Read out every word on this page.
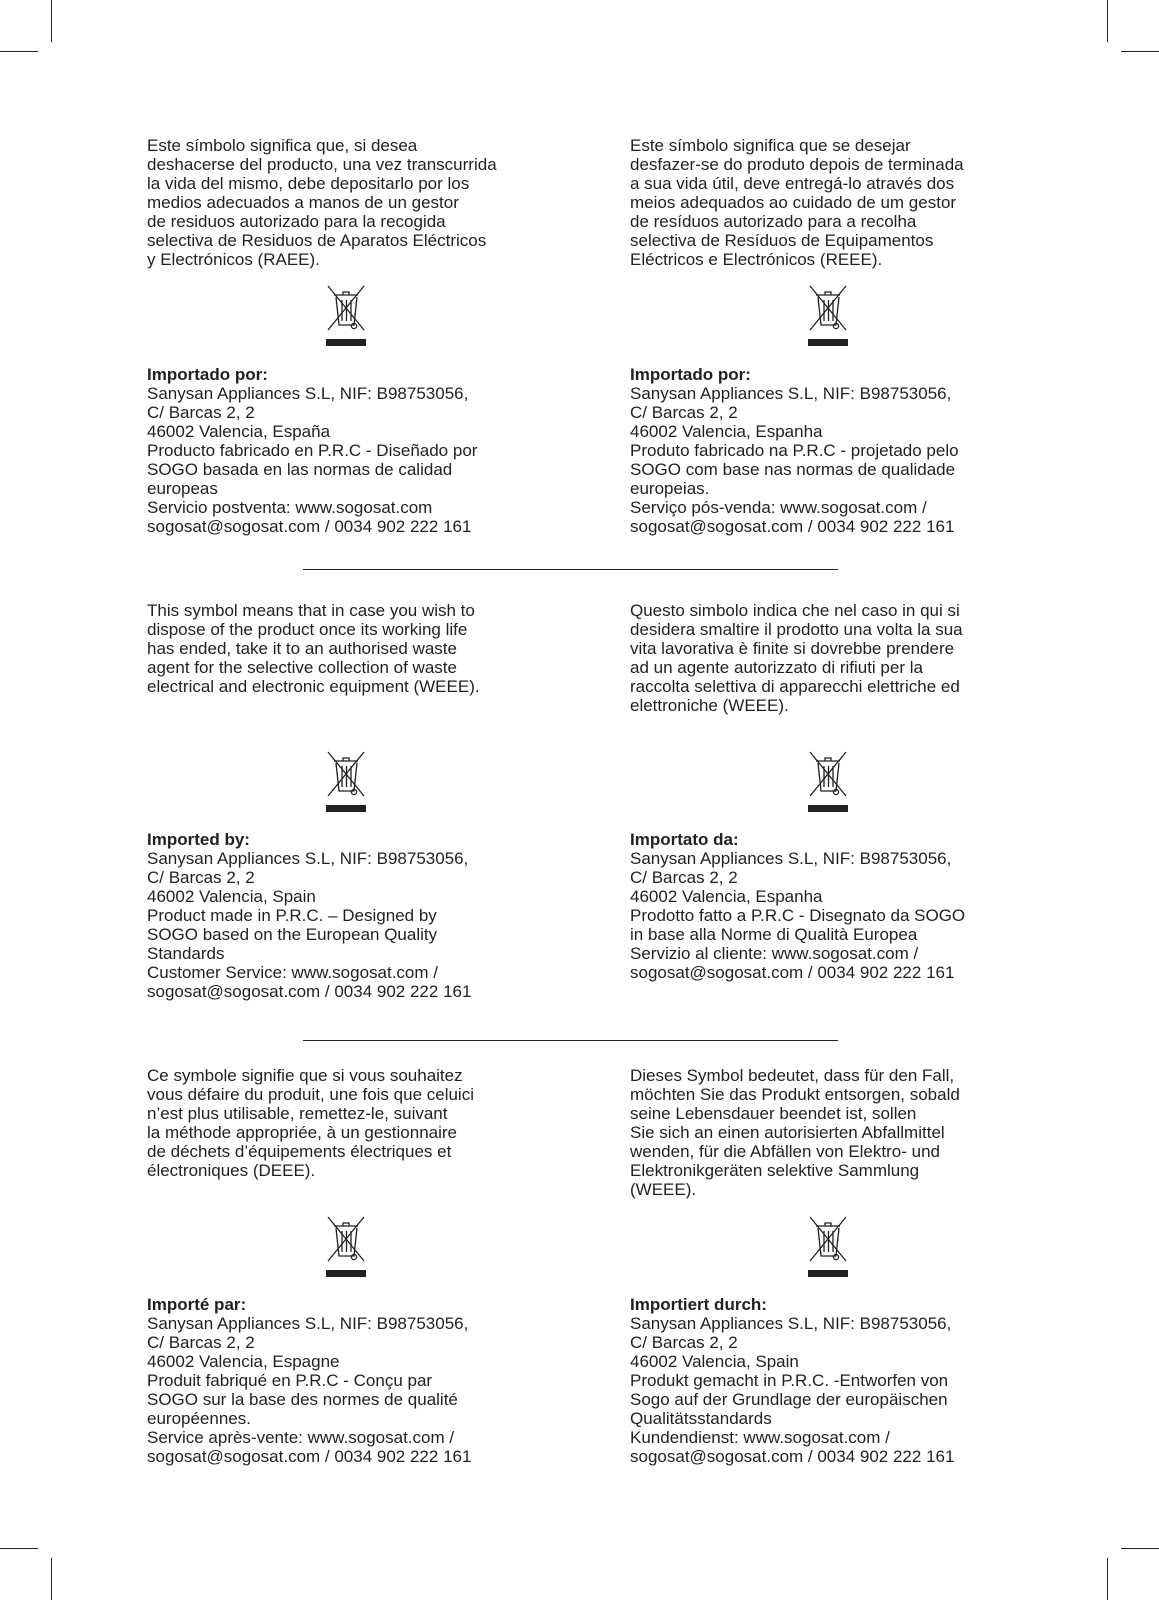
Este símbolo significa que, si desea
deshacerse del producto, una vez transcurrida
la vida del mismo, debe depositarlo por los
medios adecuados a manos de un gestor
de residuos autorizado para la recogida
selectiva de Residuos de Aparatos Eléctricos
y Electrónicos (RAEE).

Este símbolo significa que se desejar
desfazer-se do produto depois de terminada
a sua vida útil, deve entregá-lo através dos
meios adequados ao cuidado de um gestor
de resíduos autorizado para a recolha
selectiva de Resíduos de Equipamentos
Eléctricos e Electrónicos (REEE).

Importado por:
Sanysan Appliances S.L, NIF: B98753056,
C/ Barcas 2, 2
46002 Valencia, España
Producto fabricado en P.R.C - Diseñado por
SOGO basada en las normas de calidad
europeas
Servicio postventa: www.sogosat.com
sogosat@sogosat.com / 0034 902 222 161
Importado por:
Sanysan Appliances S.L, NIF: B98753056,
C/ Barcas 2, 2
46002 Valencia, Espanha
Produto fabricado na P.R.C - projetado pelo
SOGO com base nas normas de qualidade
europeias.
Serviço pós-venda: www.sogosat.com /
sogosat@sogosat.com / 0034 902 222 161

This symbol means that in case you wish to
dispose of the product once its working life
has ended, take it to an authorised waste
agent for the selective collection of waste
electrical and electronic equipment (WEEE).

Questo simbolo indica che nel caso in qui si
desidera smaltire il prodotto una volta la sua
vita lavorativa è finite si dovrebbe prendere
ad un agente autorizzato di rifiuti per la
raccolta selettiva di apparecchi elettriche ed
elettroniche (WEEE).

Imported by:
Sanysan Appliances S.L, NIF: B98753056,
C/ Barcas 2, 2
46002 Valencia, Spain
Product made in P.R.C. – Designed by
SOGO based on the European Quality
Standards
Customer Service: www.sogosat.com /
sogosat@sogosat.com / 0034 902 222 161
Importato da:
Sanysan Appliances S.L, NIF: B98753056,
C/ Barcas 2, 2
46002 Valencia, Espanha
Prodotto fatto a P.R.C - Disegnato da SOGO
in base alla Norme di Qualità Europea
Servizio al cliente: www.sogosat.com /
sogosat@sogosat.com / 0034 902 222 161

Ce symbole signifie que si vous souhaitez
vous défaire du produit, une fois que celuici
n’est plus utilisable, remettez-le, suivant
la méthode appropriée, à un gestionnaire
de déchets d’équipements électriques et
électroniques (DEEE).

Dieses Symbol bedeutet, dass für den Fall,
möchten Sie das Produkt entsorgen, sobald
seine Lebensdauer beendet ist, sollen
Sie sich an einen autorisierten Abfallmittel
wenden, für die Abfällen von Elektro- und
Elektronikgeräten selektive Sammlung
(WEEE).

Importé par:
Sanysan Appliances S.L, NIF: B98753056,
C/ Barcas 2, 2
46002 Valencia, Espagne
Produit fabriqué en P.R.C - Conçu par
SOGO sur la base des normes de qualité
européennes.
Service après-vente: www.sogosat.com /
sogosat@sogosat.com / 0034 902 222 161
Importiert durch:
Sanysan Appliances S.L, NIF: B98753056,
C/ Barcas 2, 2
46002 Valencia, Spain
Produkt gemacht in P.R.C. -Entworfen von
Sogo auf der Grundlage der europäischen
Qualitätsstandards
Kundendienst: www.sogosat.com /
sogosat@sogosat.com / 0034 902 222 161
